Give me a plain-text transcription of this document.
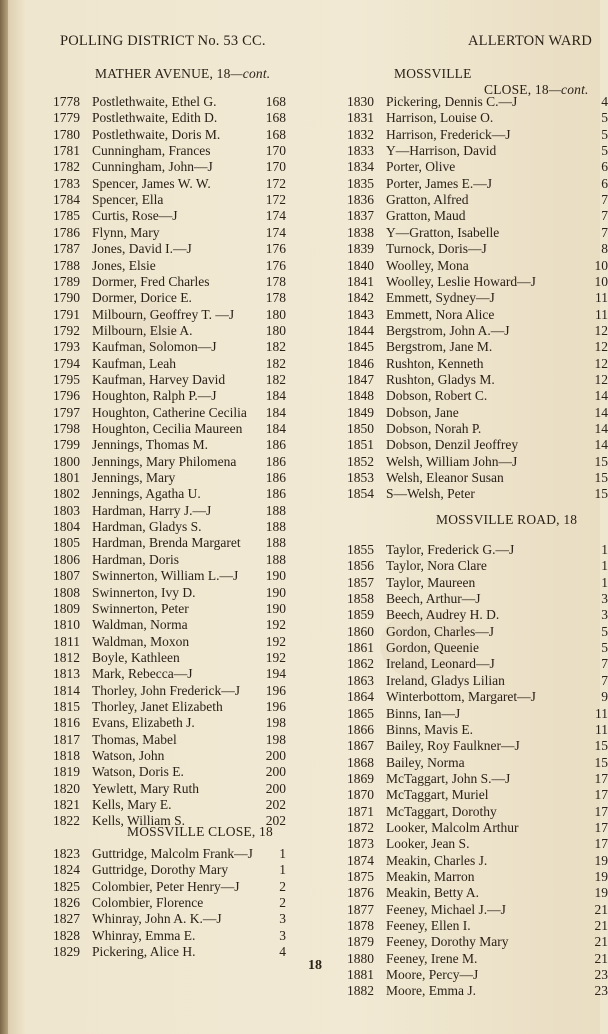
POLLING DISTRICT No. 53 CC.	ALLERTON WARD
MATHER AVENUE, 18—cont.	MOSSVILLE
CLOSE, 18—cont.
MOSSVILLE ROAD, 18
MOSSVILLE CLOSE, 18
1778 Postlethwaite, Ethel G.	168
1779 Postlethwaite, Edith D.	168
1780 Postlethwaite, Doris M.	168
1781 Cunningham, Frances	170
1782 Cunningham, John—J	170
1783 Spencer, James W. W.	172
1784 Spencer, Ella	172
1785 Curtis, Rose—J	174
1786 Flynn, Mary	174
1787 Jones, David I.—J	176
1788 Jones, Elsie	176
1789 Dormer, Fred Charles	178
1790 Dormer, Dorice E.	178
1791 Milbourn, Geoffrey T. —J	180
1792 Milbourn, Elsie A.	180
1793 Kaufman, Solomon—J	182
1794 Kaufman, Leah	182
1795 Kaufman, Harvey David	182
1796 Houghton, Ralph P.—J	184
1797 Houghton, Catherine Cecilia	184
1798 Houghton, Cecilia Maureen	184
1799 Jennings, Thomas M.	186
1800 Jennings, Mary Philomena	186
1801 Jennings, Mary	186
1802 Jennings, Agatha U.	186
1803 Hardman, Harry J.—J	188
1804 Hardman, Gladys S.	188
1805 Hardman, Brenda Margaret	188
1806 Hardman, Doris	188
1807 Swinnerton, William L.—J	190
1808 Swinnerton, Ivy D.	190
1809 Swinnerton, Peter	190
1810 Waldman, Norma	192
1811 Waldman, Moxon	192
1812 Boyle, Kathleen	192
1813 Mark, Rebecca—J	194
1814 Thorley, John Frederick—J	196
1815 Thorley, Janet Elizabeth	196
1816 Evans, Elizabeth J.	198
1817 Thomas, Mabel	198
1818 Watson, John	200
1819 Watson, Doris E.	200
1820 Yewlett, Mary Ruth	200
1821 Kells, Mary E.	202
1822 Kells, William S.	202
1823 Guttridge, Malcolm Frank—J	1
1824 Guttridge, Dorothy Mary	1
1825 Colombier, Peter Henry—J	2
1826 Colombier, Florence	2
1827 Whinray, John A. K.—J	3
1828 Whinray, Emma E.	3
1829 Pickering, Alice H.	4
1830 Pickering, Dennis C.—J	4
1831 Harrison, Louise O.	5
1832 Harrison, Frederick—J	5
1833 Y—Harrison, David	5
1834 Porter, Olive	6
1835 Porter, James E.—J	6
1836 Gratton, Alfred	7
1837 Gratton, Maud	7
1838 Y—Gratton, Isabelle	7
1839 Turnock, Doris—J	8
1840 Woolley, Mona	10
1841 Woolley, Leslie Howard—J	10
1842 Emmett, Sydney—J	11
1843 Emmett, Nora Alice	11
1844 Bergstrom, John A.—J	12
1845 Bergstrom, Jane M.	12
1846 Rushton, Kenneth	12
1847 Rushton, Gladys M.	12
1848 Dobson, Robert C.	14
1849 Dobson, Jane	14
1850 Dobson, Norah P.	14
1851 Dobson, Denzil Jeoffrey	14
1852 Welsh, William John—J	15
1853 Welsh, Eleanor Susan	15
1854 S—Welsh, Peter	15
1855 Taylor, Frederick G.—J	1
1856 Taylor, Nora Clare	1
1857 Taylor, Maureen	1
1858 Beech, Arthur—J	3
1859 Beech, Audrey H. D.	3
1860 Gordon, Charles—J	5
1861 Gordon, Queenie	5
1862 Ireland, Leonard—J	7
1863 Ireland, Gladys Lilian	7
1864 Winterbottom, Margaret—J	9
1865 Binns, Ian—J	11
1866 Binns, Mavis E.	11
1867 Bailey, Roy Faulkner—J	15
1868 Bailey, Norma	15
1869 McTaggart, John S.—J	17
1870 McTaggart, Muriel	17
1871 McTaggart, Dorothy	17
1872 Looker, Malcolm Arthur	17
1873 Looker, Jean S.	17
1874 Meakin, Charles J.	19
1875 Meakin, Marron	19
1876 Meakin, Betty A.	19
1877 Feeney, Michael J.—J	21
1878 Feeney, Ellen I.	21
1879 Feeney, Dorothy Mary	21
1880 Feeney, Irene M.	21
1881 Moore, Percy—J	23
1882 Moore, Emma J.	23
18
